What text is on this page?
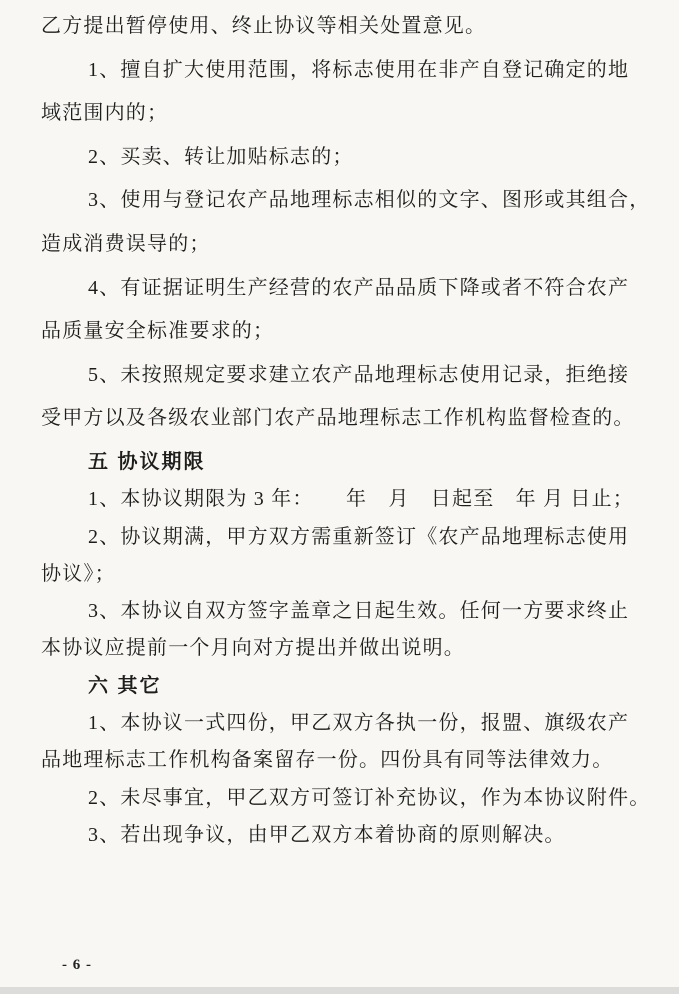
乙方提出暂停使用、终止协议等相关处置意见。
1、擅自扩大使用范围，将标志使用在非产自登记确定的地
域范围内的；
2、买卖、转让加贴标志的；
3、使用与登记农产品地理标志相似的文字、图形或其组合，
造成消费误导的；
4、有证据证明生产经营的农产品品质下降或者不符合农产
品质量安全标准要求的；
5、未按照规定要求建立农产品地理标志使用记录，拒绝接
受甲方以及各级农业部门农产品地理标志工作机构监督检查的。
五 协议期限
1、本协议期限为 3 年：　　年　月　日起至　年 月 日止；
2、协议期满，甲方双方需重新签订《农产品地理标志使用
协议》；
3、本协议自双方签字盖章之日起生效。任何一方要求终止
本协议应提前一个月向对方提出并做出说明。
六 其它
1、本协议一式四份，甲乙双方各执一份，报盟、旗级农产
品地理标志工作机构备案留存一份。四份具有同等法律效力。
2、未尽事宜，甲乙双方可签订补充协议，作为本协议附件。
3、若出现争议，由甲乙双方本着协商的原则解决。
- 6 -
